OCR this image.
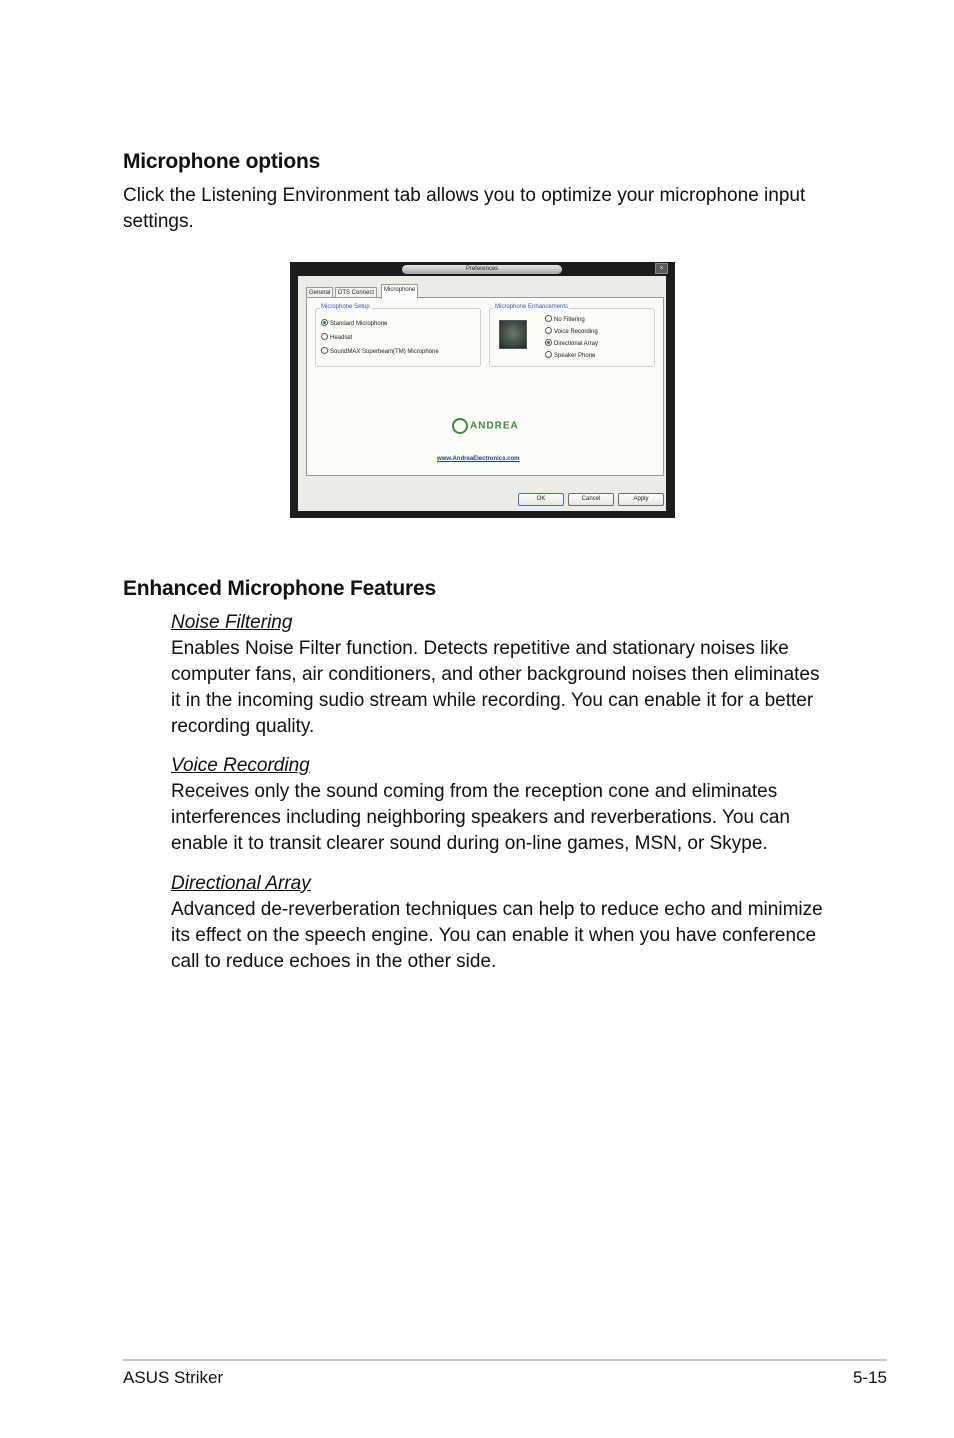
Microphone options
Click the Listening Environment tab allows you to optimize your microphone input
settings.
Preferences	×
General	DTS Connect	Microphone
Microphone Setup
Standard Microphone
Headset
SoundMAX Superbeam(TM) Microphone
Microphone Enhancements
No Filtering
Voice Recording
Directional Array
Speaker Phone
ANDREA
www.AndreaElectronics.com
OK	Cancel	Apply
Enhanced Microphone Features
Noise Filtering
Enables Noise Filter function. Detects repetitive and stationary noises like
computer fans, air conditioners, and other background noises then eliminates
it in the incoming sudio stream while recording. You can enable it for a better
recording quality.
Voice Recording
Receives only the sound coming from the reception cone and eliminates
interferences including neighboring speakers and reverberations. You can
enable it to transit clearer sound during on-line games, MSN, or Skype.
Directional Array
Advanced de-reverberation techniques can help to reduce echo and minimize
its effect on the speech engine. You can enable it when you have conference
call to reduce echoes in the other side.
ASUS Striker	5-15
